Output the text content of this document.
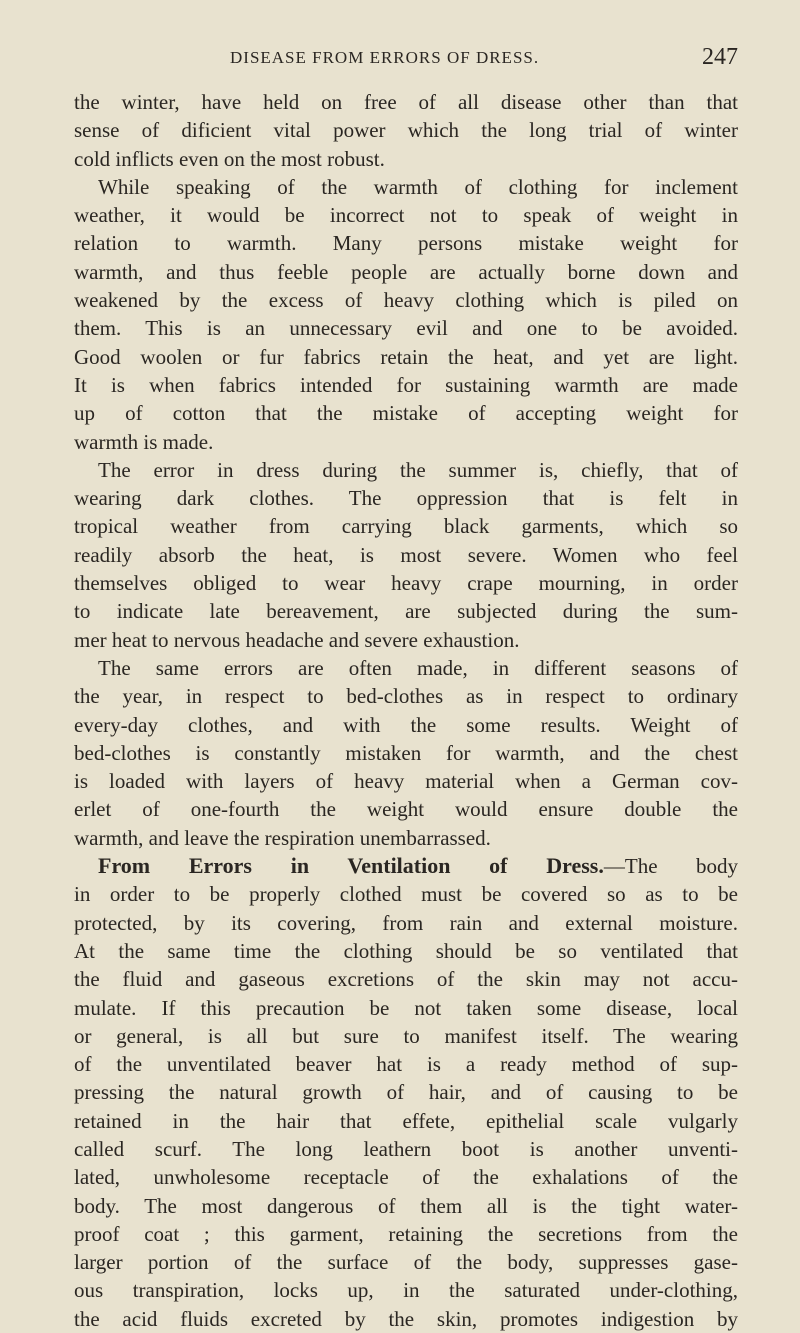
DISEASE FROM ERRORS OF DRESS.	247
the winter, have held on free of all disease other than that
sense of dificient vital power which the long trial of winter
cold inflicts even on the most robust.
While speaking of the warmth of clothing for inclement
weather, it would be incorrect not to speak of weight in
relation to warmth. Many persons mistake weight for
warmth, and thus feeble people are actually borne down and
weakened by the excess of heavy clothing which is piled on
them. This is an unnecessary evil and one to be avoided.
Good woolen or fur fabrics retain the heat, and yet are light.
It is when fabrics intended for sustaining warmth are made
up of cotton that the mistake of accepting weight for
warmth is made.
The error in dress during the summer is, chiefly, that of
wearing dark clothes. The oppression that is felt in
tropical weather from carrying black garments, which so
readily absorb the heat, is most severe. Women who feel
themselves obliged to wear heavy crape mourning, in order
to indicate late bereavement, are subjected during the sum-
mer heat to nervous headache and severe exhaustion.
The same errors are often made, in different seasons of
the year, in respect to bed-clothes as in respect to ordinary
every-day clothes, and with the some results. Weight of
bed-clothes is constantly mistaken for warmth, and the chest
is loaded with layers of heavy material when a German cov-
erlet of one-fourth the weight would ensure double the
warmth, and leave the respiration unembarrassed.
From Errors in Ventilation of Dress.—The body
in order to be properly clothed must be covered so as to be
protected, by its covering, from rain and external moisture.
At the same time the clothing should be so ventilated that
the fluid and gaseous excretions of the skin may not accu-
mulate. If this precaution be not taken some disease, local
or general, is all but sure to manifest itself. The wearing
of the unventilated beaver hat is a ready method of sup-
pressing the natural growth of hair, and of causing to be
retained in the hair that effete, epithelial scale vulgarly
called scurf. The long leathern boot is another unventi-
lated, unwholesome receptacle of the exhalations of the
body. The most dangerous of them all is the tight water-
proof coat ; this garment, retaining the secretions from the
larger portion of the surface of the body, suppresses gase-
ous transpiration, locks up, in the saturated under-clothing,
the acid fluids excreted by the skin, promotes indigestion by
